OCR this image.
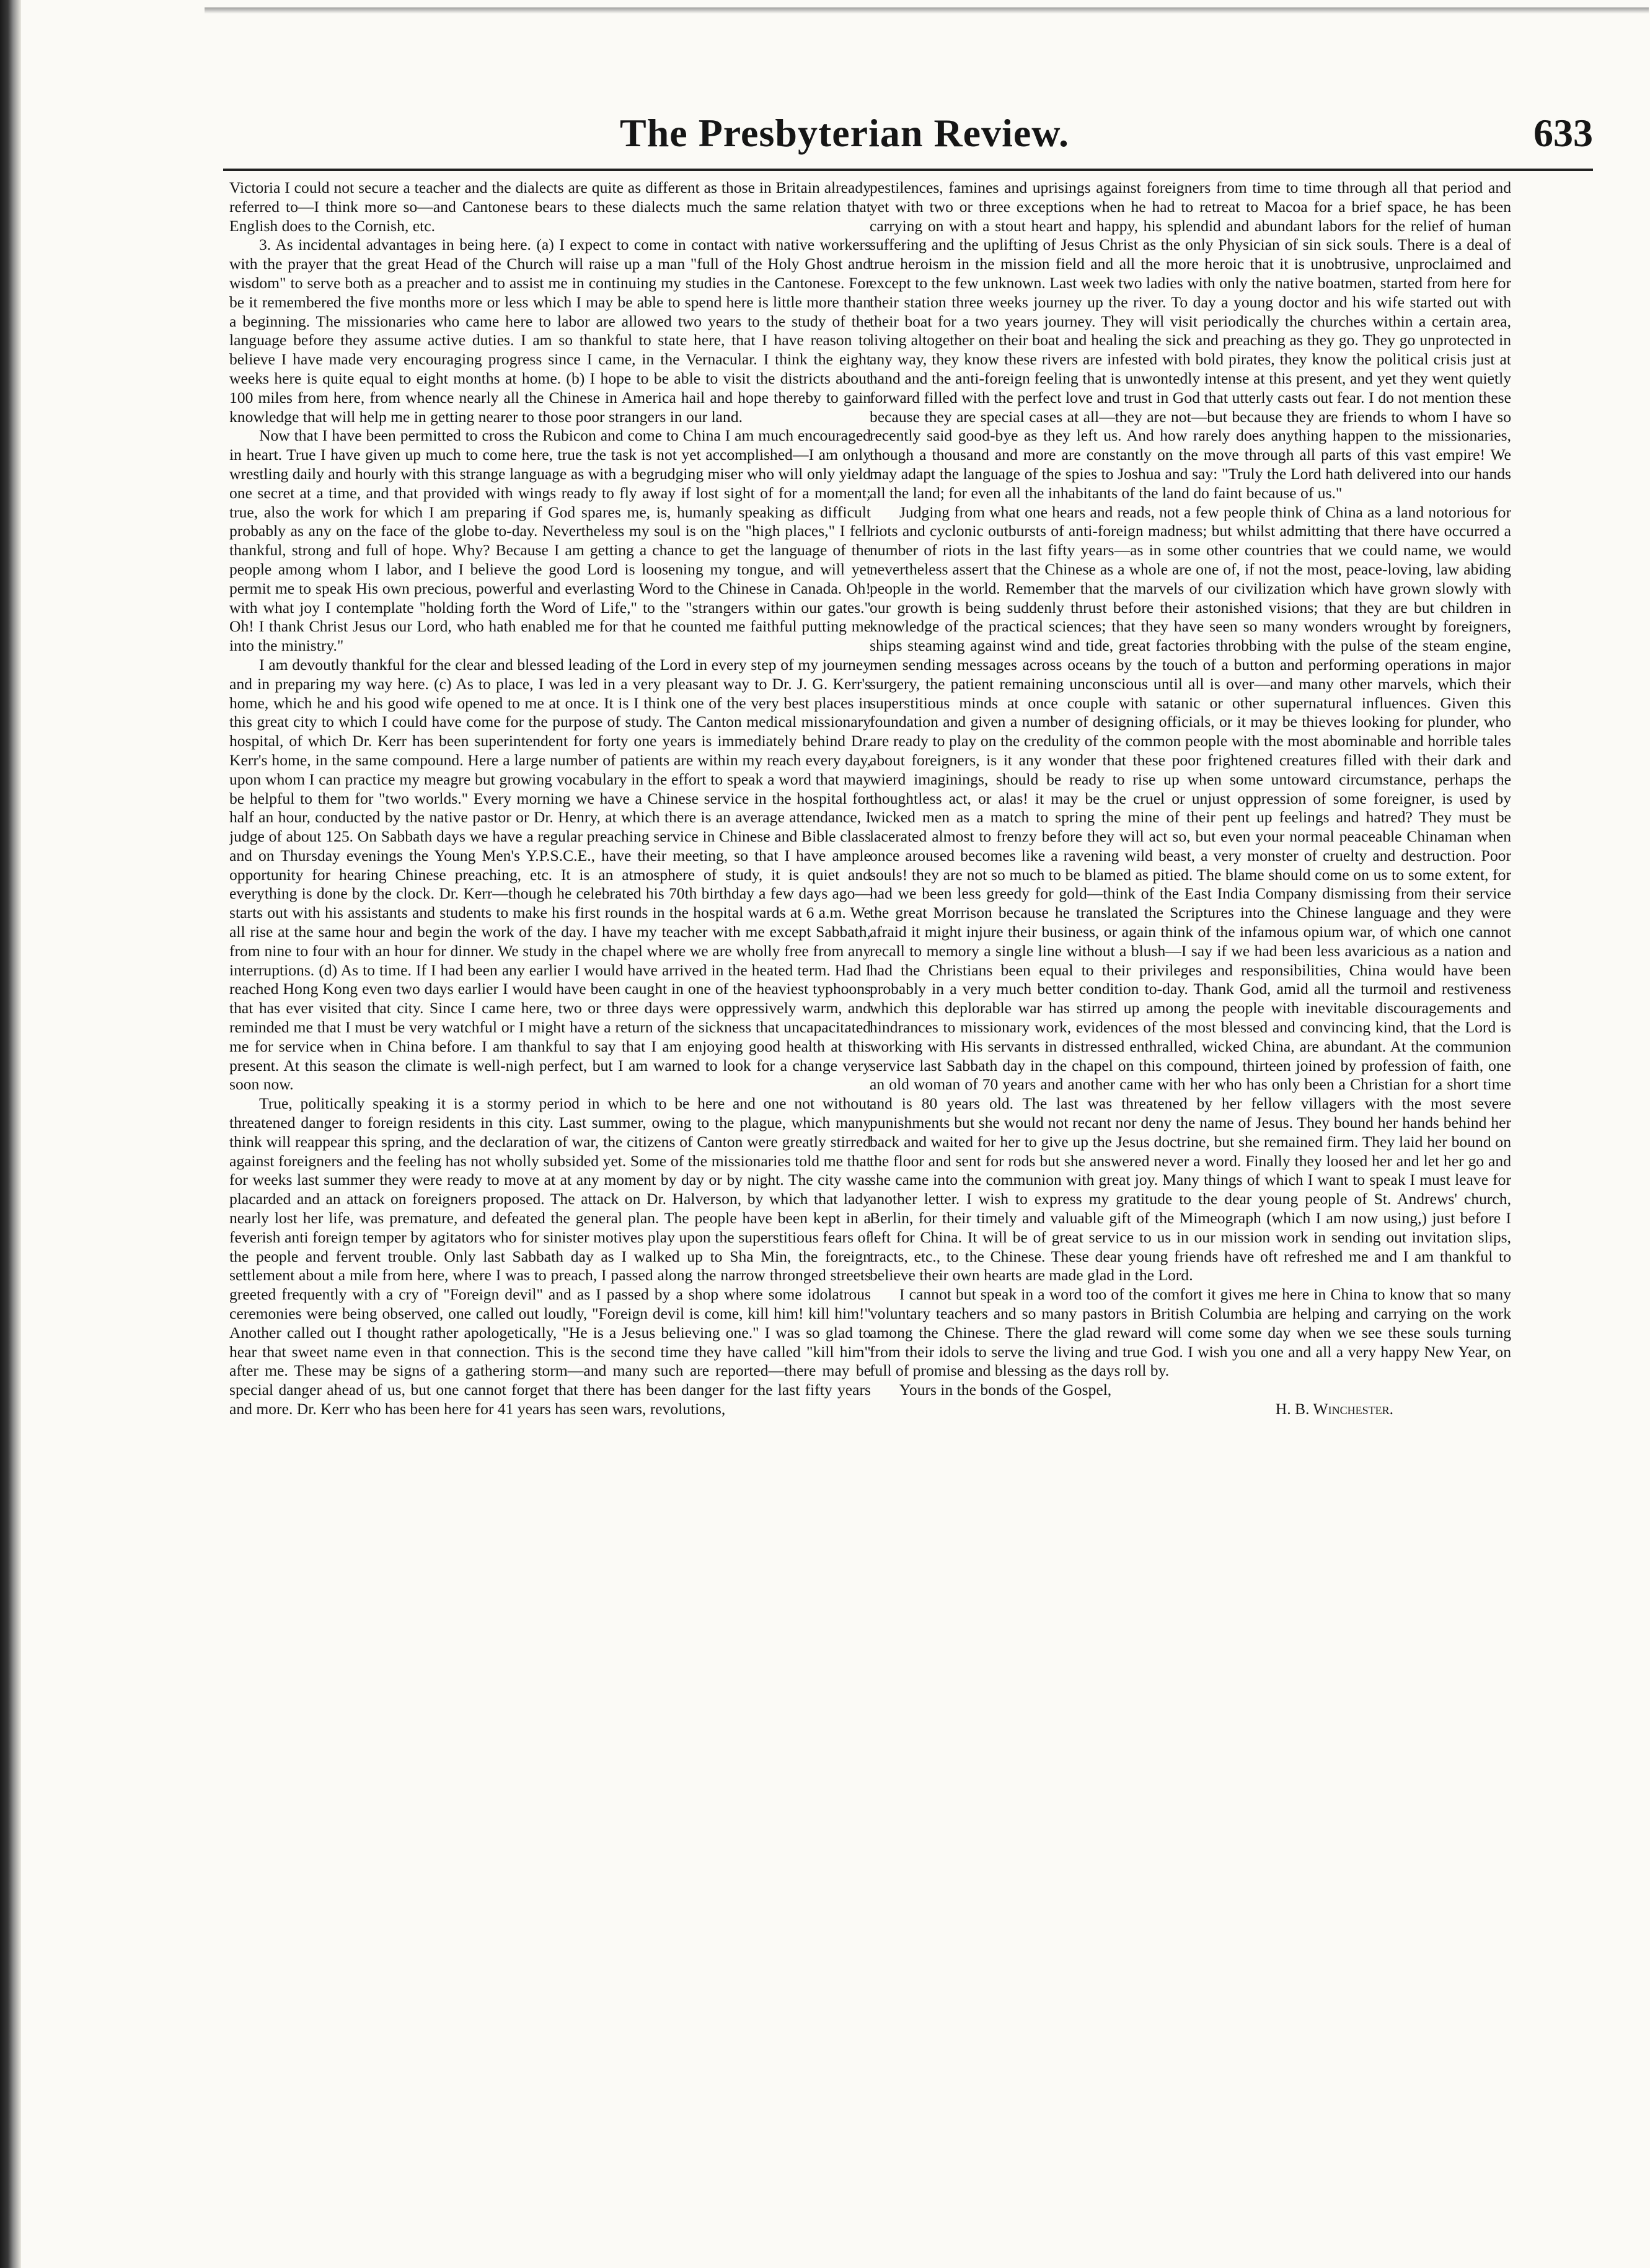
The Presbyterian Review.	633

Victoria I could not secure a teacher and the dialects are quite as different as those in Britain already referred to—I think more so—and Cantonese bears to these dialects much the same relation that English does to the Cornish, etc.

3. As incidental advantages in being here. (a) I expect to come in contact with native workers with the prayer that the great Head of the Church will raise up a man "full of the Holy Ghost and wisdom" to serve both as a preacher and to assist me in continuing my studies in the Cantonese. For be it remembered the five months more or less which I may be able to spend here is little more than a beginning. The missionaries who came here to labor are allowed two years to the study of the language before they assume active duties. I am so thankful to state here, that I have reason to believe I have made very encouraging progress since I came, in the Vernacular. I think the eight weeks here is quite equal to eight months at home. (b) I hope to be able to visit the districts about 100 miles from here, from whence nearly all the Chinese in America hail and hope thereby to gain knowledge that will help me in getting nearer to those poor strangers in our land.

Now that I have been permitted to cross the Rubicon and come to China I am much encouraged in heart. True I have given up much to come here, true the task is not yet accomplished—I am only wrestling daily and hourly with this strange language as with a begrudging miser who will only yield one secret at a time, and that provided with wings ready to fly away if lost sight of for a moment; true, also the work for which I am preparing if God spares me, is, humanly speaking as difficult probably as any on the face of the globe to-day. Nevertheless my soul is on the "high places," I fell thankful, strong and full of hope. Why? Because I am getting a chance to get the language of the people among whom I labor, and I believe the good Lord is loosening my tongue, and will yet permit me to speak His own precious, powerful and everlasting Word to the Chinese in Canada. Oh! with what joy I contemplate "holding forth the Word of Life," to the "strangers within our gates." Oh! I thank Christ Jesus our Lord, who hath enabled me for that he counted me faithful putting me into the ministry."

I am devoutly thankful for the clear and blessed leading of the Lord in every step of my journey and in preparing my way here. (c) As to place, I was led in a very pleasant way to Dr. J. G. Kerr's home, which he and his good wife opened to me at once. It is I think one of the very best places in this great city to which I could have come for the purpose of study. The Canton medical missionary hospital, of which Dr. Kerr has been superintendent for forty one years is immediately behind Dr. Kerr's home, in the same compound. Here a large number of patients are within my reach every day, upon whom I can practice my meagre but growing vocabulary in the effort to speak a word that may be helpful to them for "two worlds." Every morning we have a Chinese service in the hospital for half an hour, conducted by the native pastor or Dr. Henry, at which there is an average attendance, I judge of about 125. On Sabbath days we have a regular preaching service in Chinese and Bible class and on Thursday evenings the Young Men's Y.P.S.C.E., have their meeting, so that I have ample opportunity for hearing Chinese preaching, etc. It is an atmosphere of study, it is quiet and everything is done by the clock. Dr. Kerr—though he celebrated his 70th birthday a few days ago—starts out with his assistants and students to make his first rounds in the hospital wards at 6 a.m. We all rise at the same hour and begin the work of the day. I have my teacher with me except Sabbath, from nine to four with an hour for dinner. We study in the chapel where we are wholly free from any interruptions. (d) As to time. If I had been any earlier I would have arrived in the heated term. Had I reached Hong Kong even two days earlier I would have been caught in one of the heaviest typhoons that has ever visited that city. Since I came here, two or three days were oppressively warm, and reminded me that I must be very watchful or I might have a return of the sickness that uncapacitated me for service when in China before. I am thankful to say that I am enjoying good health at this present. At this season the climate is well-nigh perfect, but I am warned to look for a change very soon now.

True, politically speaking it is a stormy period in which to be here and one not without threatened danger to foreign residents in this city. Last summer, owing to the plague, which many think will reappear this spring, and the declaration of war, the citizens of Canton were greatly stirred against foreigners and the feeling has not wholly subsided yet. Some of the missionaries told me that for weeks last summer they were ready to move at at any moment by day or by night. The city was placarded and an attack on foreigners proposed. The attack on Dr. Halverson, by which that lady nearly lost her life, was premature, and defeated the general plan. The people have been kept in a feverish anti foreign temper by agitators who for sinister motives play upon the superstitious fears of the people and fervent trouble. Only last Sabbath day as I walked up to Sha Min, the foreign settlement about a mile from here, where I was to preach, I passed along the narrow thronged streets greeted frequently with a cry of "Foreign devil" and as I passed by a shop where some idolatrous ceremonies were being observed, one called out loudly, "Foreign devil is come, kill him! kill him!" Another called out I thought rather apologetically, "He is a Jesus believing one." I was so glad to hear that sweet name even in that connection. This is the second time they have called "kill him" after me. These may be signs of a gathering storm—and many such are reported—there may be special danger ahead of us, but one cannot forget that there has been danger for the last fifty years and more. Dr. Kerr who has been here for 41 years has seen wars, revolutions,

pestilences, famines and uprisings against foreigners from time to time through all that period and yet with two or three exceptions when he had to retreat to Macoa for a brief space, he has been carrying on with a stout heart and happy, his splendid and abundant labors for the relief of human suffering and the uplifting of Jesus Christ as the only Physician of sin sick souls. There is a deal of true heroism in the mission field and all the more heroic that it is unobtrusive, unproclaimed and except to the few unknown. Last week two ladies with only the native boatmen, started from here for their station three weeks journey up the river. To day a young doctor and his wife started out with their boat for a two years journey. They will visit periodically the churches within a certain area, living altogether on their boat and healing the sick and preaching as they go. They go unprotected in any way, they know these rivers are infested with bold pirates, they know the political crisis just at hand and the anti-foreign feeling that is unwontedly intense at this present, and yet they went quietly forward filled with the perfect love and trust in God that utterly casts out fear. I do not mention these because they are special cases at all—they are not—but because they are friends to whom I have so recently said good-bye as they left us. And how rarely does anything happen to the missionaries, though a thousand and more are constantly on the move through all parts of this vast empire! We may adapt the language of the spies to Joshua and say: "Truly the Lord hath delivered into our hands all the land; for even all the inhabitants of the land do faint because of us."

Judging from what one hears and reads, not a few people think of China as a land notorious for riots and cyclonic outbursts of anti-foreign madness; but whilst admitting that there have occurred a number of riots in the last fifty years—as in some other countries that we could name, we would nevertheless assert that the Chinese as a whole are one of, if not the most, peace-loving, law abiding people in the world. Remember that the marvels of our civilization which have grown slowly with our growth is being suddenly thrust before their astonished visions; that they are but children in knowledge of the practical sciences; that they have seen so many wonders wrought by foreigners, ships steaming against wind and tide, great factories throbbing with the pulse of the steam engine, men sending messages across oceans by the touch of a button and performing operations in major surgery, the patient remaining unconscious until all is over—and many other marvels, which their superstitious minds at once couple with satanic or other supernatural influences. Given this foundation and given a number of designing officials, or it may be thieves looking for plunder, who are ready to play on the credulity of the common people with the most abominable and horrible tales about foreigners, is it any wonder that these poor frightened creatures filled with their dark and wierd imaginings, should be ready to rise up when some untoward circumstance, perhaps the thoughtless act, or alas! it may be the cruel or unjust oppression of some foreigner, is used by wicked men as a match to spring the mine of their pent up feelings and hatred? They must be lacerated almost to frenzy before they will act so, but even your normal peaceable Chinaman when once aroused becomes like a ravening wild beast, a very monster of cruelty and destruction. Poor souls! they are not so much to be blamed as pitied. The blame should come on us to some extent, for had we been less greedy for gold—think of the East India Company dismissing from their service the great Morrison because he translated the Scriptures into the Chinese language and they were afraid it might injure their business, or again think of the infamous opium war, of which one cannot recall to memory a single line without a blush—I say if we had been less avaricious as a nation and had the Christians been equal to their privileges and responsibilities, China would have been probably in a very much better condition to-day. Thank God, amid all the turmoil and restiveness which this deplorable war has stirred up among the people with inevitable discouragements and hindrances to missionary work, evidences of the most blessed and convincing kind, that the Lord is working with His servants in distressed enthralled, wicked China, are abundant. At the communion service last Sabbath day in the chapel on this compound, thirteen joined by profession of faith, one an old woman of 70 years and another came with her who has only been a Christian for a short time and is 80 years old. The last was threatened by her fellow villagers with the most severe punishments but she would not recant nor deny the name of Jesus. They bound her hands behind her back and waited for her to give up the Jesus doctrine, but she remained firm. They laid her bound on the floor and sent for rods but she answered never a word. Finally they loosed her and let her go and she came into the communion with great joy. Many things of which I want to speak I must leave for another letter. I wish to express my gratitude to the dear young people of St. Andrews' church, Berlin, for their timely and valuable gift of the Mimeograph (which I am now using,) just before I left for China. It will be of great service to us in our mission work in sending out invitation slips, tracts, etc., to the Chinese. These dear young friends have oft refreshed me and I am thankful to believe their own hearts are made glad in the Lord.

I cannot but speak in a word too of the comfort it gives me here in China to know that so many voluntary teachers and so many pastors in British Columbia are helping and carrying on the work among the Chinese. There the glad reward will come some day when we see these souls turning from their idols to serve the living and true God. I wish you one and all a very happy New Year, on full of promise and blessing as the days roll by.

Yours in the bonds of the Gospel,

H. B. Winchester.
